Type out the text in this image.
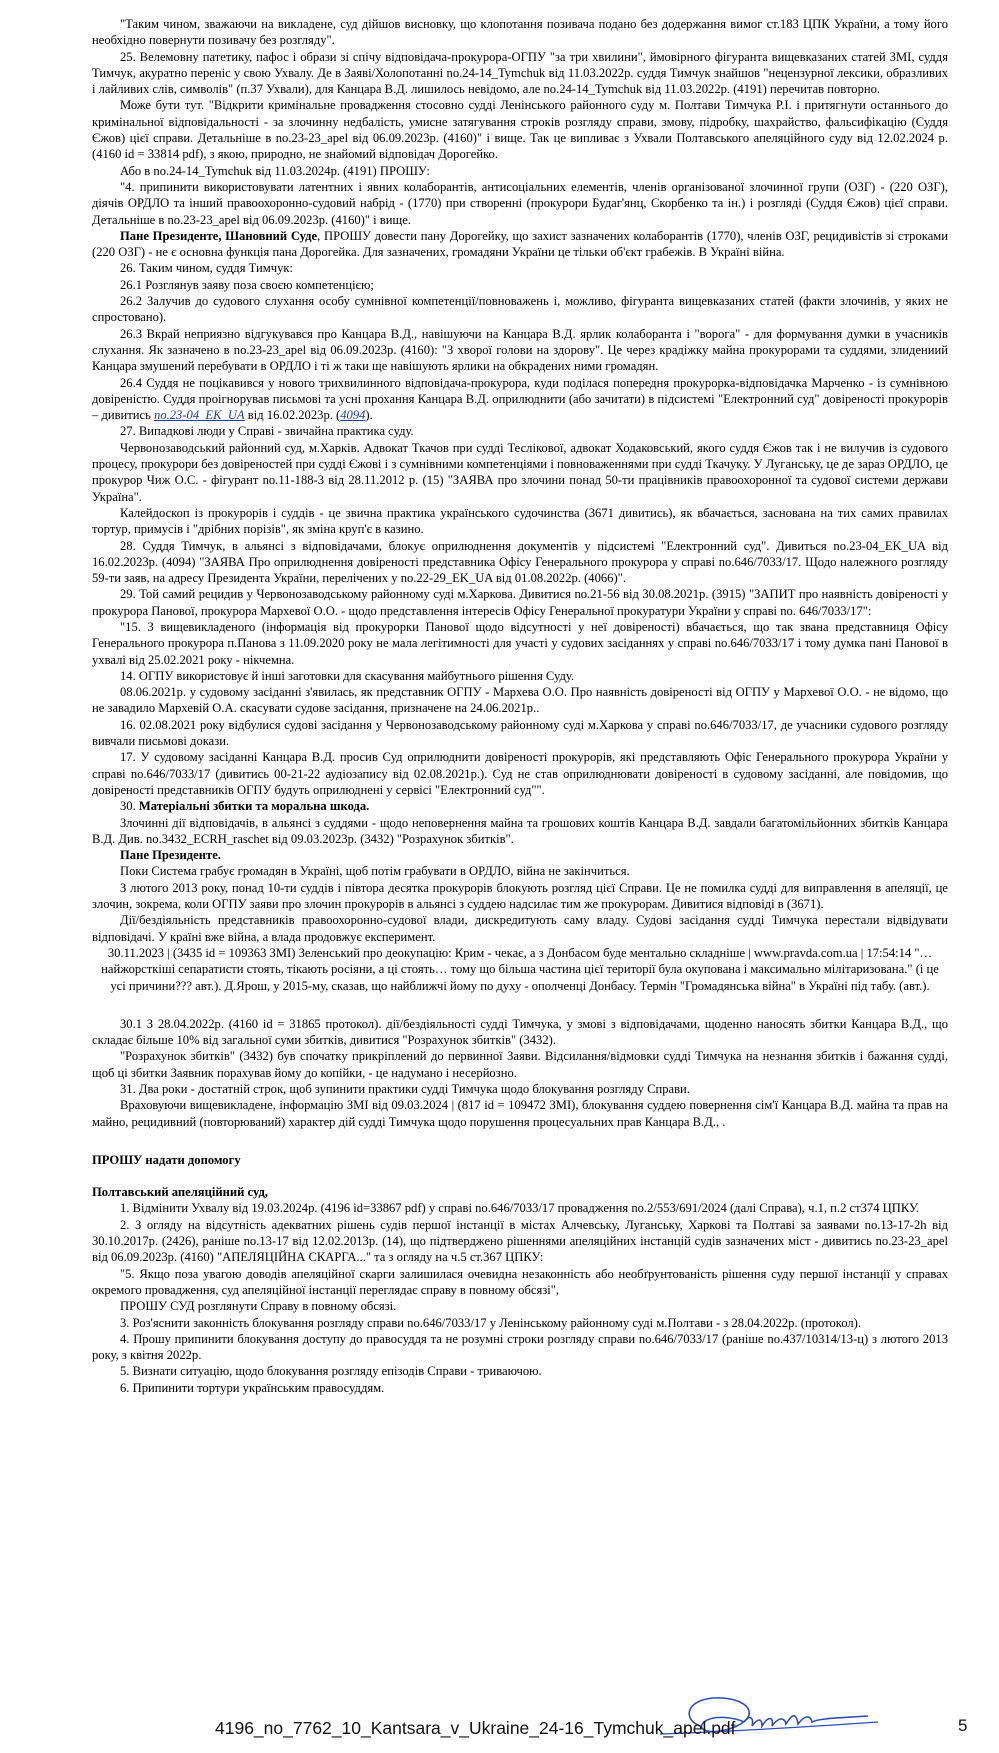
"Таким чином, зважаючи на викладене, суд дійшов висновку, що клопотання позивача подано без додержання вимог ст.183 ЦПК України, а тому його необхідно повернути позивачу без розгляду".

25. Велемовну патетику, пафос і образи зі спічу відповідача-прокурора-ОГПУ "за три хвилини", ймовірного фігуранта вищевказаних статей ЗМІ, суддя Тимчук, акуратно переніс у свою Ухвалу. Де в Заяві/Холопотанні no.24-14_Tymchuk від 11.03.2022р. суддя Тимчук знайшов "нецензурної лексики, образливих і лайливих слів, символів" (п.37 Ухвали), для Канцара В.Д. лишилось невідомо, але no.24-14_Tymchuk від 11.03.2022р. (4191) перечитав повторно.

Може бути тут. "Відкрити кримінальне провадження стосовно судді Ленінського районного суду м. Полтави Тимчука Р.І. і притягнути останнього до кримінальної відповідальності - за злочинну недбалість, умисне затягування строків розгляду справи, змову, підробку, шахрайство, фальсифікацію (Суддя Єжов) цієї справи. Детальніше в no.23-23_apel від 06.09.2023р. (4160)" і вище. Так це випливає з Ухвали Полтавського апеляційного суду від 12.02.2024 р. (4160 id = 33814 pdf), з якою, природно, не знайомий відповідач Дорогейко.

Або в no.24-14_Tymchuk від 11.03.2024р. (4191) ПРОШУ:

"4. припинити використовувати латентних і явних колаборантів, антисоціальних елементів, членів організованої злочинної групи (ОЗГ) - (220 ОЗГ), діячів ОРДЛО та інший правоохоронно-судовий набрід - (1770) при створенні (прокурори Будаг'янц, Скорбенко та ін.) і розгляді (Суддя Єжов) цієї справи. Детальніше в no.23-23_apel від 06.09.2023р. (4160)" і вище.

Пане Президенте, Шановний Суде, ПРОШУ довести пану Дорогейку, що захист зазначених колаборантів (1770), членів ОЗГ, рецидивістів зі строками (220 ОЗГ) - не є основна функція пана Дорогейка. Для зазначених, громадяни України це тільки об'єкт грабежів. В Україні війна.

26. Таким чином, суддя Тимчук:

26.1 Розглянув заяву поза своєю компетенцією;

26.2 Залучив до судового слухання особу сумнівної компетенції/повноважень і, можливо, фігуранта вищевказаних статей (факти злочинів, у яких не спростовано).

26.3 Вкрай неприязно відгукувався про Канцара В.Д., навішуючи на Канцара В.Д. ярлик колаборанта і "ворога" - для формування думки в учасників слухання. Як зазначено в no.23-23_apel від 06.09.2023р. (4160): "З хворої голови на здорову". Це через крадіжку майна прокурорами та суддями, злидениий Канцара змушений перебувати в ОРДЛО і ті ж таки ще навішують ярлики на обкрадених ними громадян.

26.4 Суддя не поцікавився у нового трихвилинного відповідача-прокурора, куди поділася попередня прокурорка-відповідачка Марченко - із сумнівною довіреністю. Суддя проігнорував письмові та усні прохання Канцара В.Д. оприлюднити (або зачитати) в підсистемі "Електронний суд" довіреності прокурорів – дивитись no.23-04_EK_UA від 16.02.2023р. (4094).

27. Випадкові люди у Справі - звичайна практика суду.

Червонозаводський районний суд, м.Харків. Адвокат Ткачов при судді Теслікової, адвокат Ходаковський, якого суддя Єжов так і не вилучив із судового процесу, прокурори без довіреностей при судді Єжові і з сумнівними компетенціями і повноваженнями при судді Ткачуку. У Луганську, це де зараз ОРДЛО, це прокурор Чиж О.С. - фігурант no.11-188-3 від 28.11.2012 р. (15) "ЗАЯВА про злочини понад 50-ти працівників правоохоронної та судової системи держави Україна".

Калейдоскоп із прокурорів і суддів - це звична практика українського судочинства (3671 дивитись), як вбачається, заснована на тих самих правилах тортур, примусів і "дрібних порізів", як зміна круп'є в казино.

28. Суддя Тимчук, в альянсі з відповідачами, блокує оприлюднення документів у підсистемі "Електронний суд". Дивиться no.23-04_EK_UA від 16.02.2023р. (4094) "ЗАЯВА Про оприлюднення довіреності представника Офісу Генерального прокурора у справі no.646/7033/17. Щодо належного розгляду 59-ти заяв, на адресу Президента України, перелічених у no.22-29_EK_UA від 01.08.2022р. (4066)".

29. Той самий рецидив у Червонозаводському районному суді м.Харкова. Дивитися no.21-56 від 30.08.2021р. (3915) "ЗАПИТ про наявність довіреності у прокурора Панової, прокурора Мархевої О.О. - щодо представлення інтересів Офісу Генеральної прокуратури України у справі no. 646/7033/17":

"15. З вищевикладеного (інформація від прокурорки Панової щодо відсутності у неї довіреності) вбачається, що так звана представниця Офісу Генерального прокурора п.Панова з 11.09.2020 року не мала легітимності для участі у судових засіданнях у справі no.646/7033/17 і тому думка пані Панової в ухвалі від 25.02.2021 року - нікчемна.

14. ОГПУ використовує й інші заготовки для скасування майбутнього рішення Суду.

08.06.2021р. у судовому засіданні з'явилась, як представник ОГПУ - Мархева О.О. Про наявність довіреності від ОГПУ у Мархевої О.О. - не відомо, що не завадило Мархевій О.А. скасувати судове засідання, призначене на 24.06.2021р..

16. 02.08.2021 року відбулися судові засідання у Червонозаводському районному суді м.Харкова у справі no.646/7033/17, де учасники судового розгляду вивчали письмові докази.

17. У судовому засіданні Канцара В.Д. просив Суд оприлюднити довіреності прокурорів, які представляють Офіс Генерального прокурора України у справі no.646/7033/17 (дивитись 00-21-22 аудіозапису від 02.08.2021р.). Суд не став оприлюднювати довіреності в судовому засіданні, але повідомив, що довіреності представників ОГПУ будуть оприлюднені у сервісі "Електронний суд"".

30. Матеріальні збитки та моральна шкода.

Злочинні дії відповідачів, в альянсі з суддями - щодо неповернення майна та грошових коштів Канцара В.Д. завдали багатомільйонних збитків Канцара В.Д. Див. no.3432_ECRH_raschet від 09.03.2023р. (3432) "Розрахунок збитків".

Пане Президенте.

Поки Система грабує громадян в Україні, щоб потім грабувати в ОРДЛО, війна не закінчиться.

З лютого 2013 року, понад 10-ти суддів і півтора десятка прокурорів блокують розгляд цієї Справи. Це не помилка судді для виправлення в апеляції, це злочин, зокрема, коли ОГПУ заяви про злочин прокурорів в альянсі з суддею надсилає тим же прокурорам. Дивитися відповіді в (3671).

Дії/бездіяльність представників правоохоронно-судової влади, дискредитують саму владу. Судові засідання судді Тимчука перестали відвідувати відповідачі. У країні вже війна, а влада продовжує експеримент.

30.11.2023 | (3435 id = 109363 ЗМІ) Зеленський про деокупацію: Крим - чекає, а з Донбасом буде ментально складніше | www.pravda.com.ua | 17:54:14 "…найжорсткіші сепаратисти стоять, тікають росіяни, а ці стоять… тому що більша частина цієї території була окупована і максимально мілітаризована." (і це усі причини??? авт.). Д.Ярош, у 2015-му, сказав, що найближчі йому по духу - ополченці Донбасу. Термін "Громадянська війна" в Україні під табу. (авт.).

30.1 З 28.04.2022р. (4160 id = 31865 протокол). дії/бездіяльності судді Тимчука, у змові з відповідачами, щоденно наносять збитки Канцара В.Д., що складає більше 10% від загальної суми збитків, дивитися "Розрахунок збитків" (3432).

"Розрахунок збитків" (3432) був спочатку прикріплений до первинної Заяви. Відсилання/відмовки судді Тимчука на незнання збитків і бажання судді, щоб ці збитки Заявник порахував йому до копійки, - це надумано і несерйозно.

31. Два роки - достатній строк, щоб зупинити практики судді Тимчука щодо блокування розгляду Справи.

Враховуючи вищевикладене, інформацію ЗМІ від 09.03.2024 | (817 id = 109472 ЗМІ), блокування суддею повернення сім'ї Канцара В.Д. майна та прав на майно, рецидивний (повторюваний) характер дій судді Тимчука щодо порушення процесуальних прав Канцара В.Д., .

ПРОШУ надати допомогу

Полтавський апеляційний суд,

1. Відмінити Ухвалу від 19.03.2024р. (4196 id=33867 pdf) у справі no.646/7033/17 провадження no.2/553/691/2024 (далі Справа), ч.1, п.2 ст374 ЦПКУ.

2. З огляду на відсутність адекватних рішень судів першої інстанції в містах Алчевську, Луганську, Харкові та Полтаві за заявами no.13-17-2h від 30.10.2017р. (2426), раніше no.13-17 від 12.02.2013р. (14), що підтверджено рішеннями апеляційних інстанцій судів зазначених міст - дивитись no.23-23_apel від 06.09.2023р. (4160) "АПЕЛЯЦІЙНА СКАРГА..." та з огляду на ч.5 ст.367 ЦПКУ:

"5. Якщо поза увагою доводів апеляційної скарги залишилася очевидна незаконність або необґрунтованість рішення суду першої інстанції у справах окремого провадження, суд апеляційної інстанції переглядає справу в повному обсязі",

ПРОШУ СУД розглянути Справу в повному обсязі.

3. Роз'яснити законність блокування розгляду справи no.646/7033/17 у Ленінському районному суді м.Полтави - з 28.04.2022р. (протокол).

4. Прошу припинити блокування доступу до правосуддя та не розумні строки розгляду справи no.646/7033/17 (раніше no.437/10314/13-ц) з лютого 2013 року, з квітня 2022р.

5. Визнати ситуацію, щодо блокування розгляду епізодів Справи - триваючою.

6. Припинити тортури українським правосуддям.

4196_no_7762_10_Kantsara_v_Ukraine_24-16_Tymchuk_apel.pdf	5
